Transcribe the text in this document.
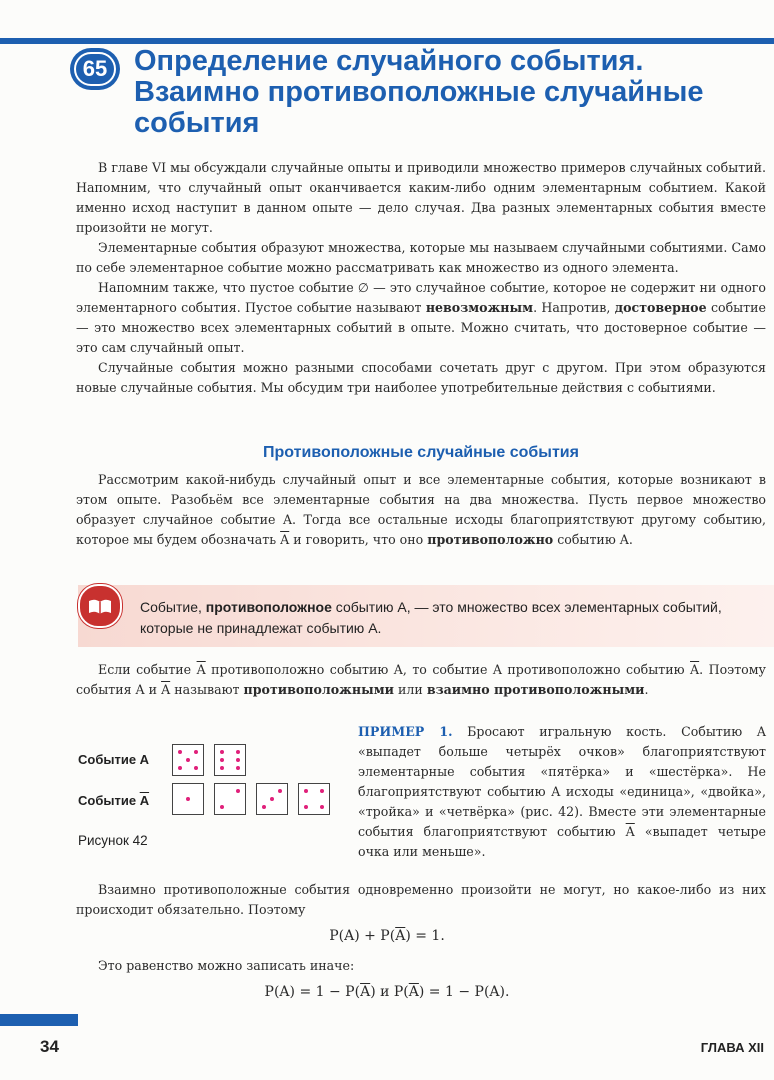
65 Определение случайного события.
Взаимно противоположные случайные
события

В главе VI мы обсуждали случайные опыты и приводили множество примеров случайных событий. Напомним, что случайный опыт оканчивается каким-либо одним элементарным событием. Какой именно исход наступит в данном опыте — дело случая. Два разных элементарных события вместе произойти не могут.

Элементарные события образуют множества, которые мы называем случайными событиями. Само по себе элементарное событие можно рассматривать как множество из одного элемента.

Напомним также, что пустое событие ∅ — это случайное событие, которое не содержит ни одного элементарного события. Пустое событие называют невозможным. Напротив, достоверное событие — это множество всех элементарных событий в опыте. Можно считать, что достоверное событие — это сам случайный опыт.

Случайные события можно разными способами сочетать друг с другом. При этом образуются новые случайные события. Мы обсудим три наиболее употребительные действия с событиями.

Противоположные случайные события

Рассмотрим какой-нибудь случайный опыт и все элементарные события, которые возникают в этом опыте. Разобьём все элементарные события на два множества. Пусть первое множество образует случайное событие A. Тогда все остальные исходы благоприятствуют другому событию, которое мы будем обозначать $\overline{A}$ и говорить, что оно противоположно событию A.

Событие, противоположное событию A, — это множество всех элементарных событий, которые не принадлежат событию A.

Если событие $\overline{A}$ противоположно событию A, то событие A противоположно событию $\overline{A}$. Поэтому события A и $\overline{A}$ называют противоположными или взаимно противоположными.

Событие A
Событие $\overline{A}$
Рисунок 42
ПРИМЕР 1. Бросают игральную кость. Событию A «выпадет больше четырёх очков» благоприятствуют элементарные события «пятёрка» и «шестёрка». Не благоприятствуют событию A исходы «единица», «двойка», «тройка» и «четвёрка» (рис. 42). Вместе эти элементарные события благоприятствуют событию $\overline{A}$ «выпадет четыре очка или меньше».

Взаимно противоположные события одновременно произойти не могут, но какое-либо из них происходит обязательно. Поэтому

$P(A) + P(\overline{A}) = 1$.

Это равенство можно записать иначе:

$P(A) = 1 - P(\overline{A})$ и $P(\overline{A}) = 1 - P(A)$.
34	ГЛАВА XII
